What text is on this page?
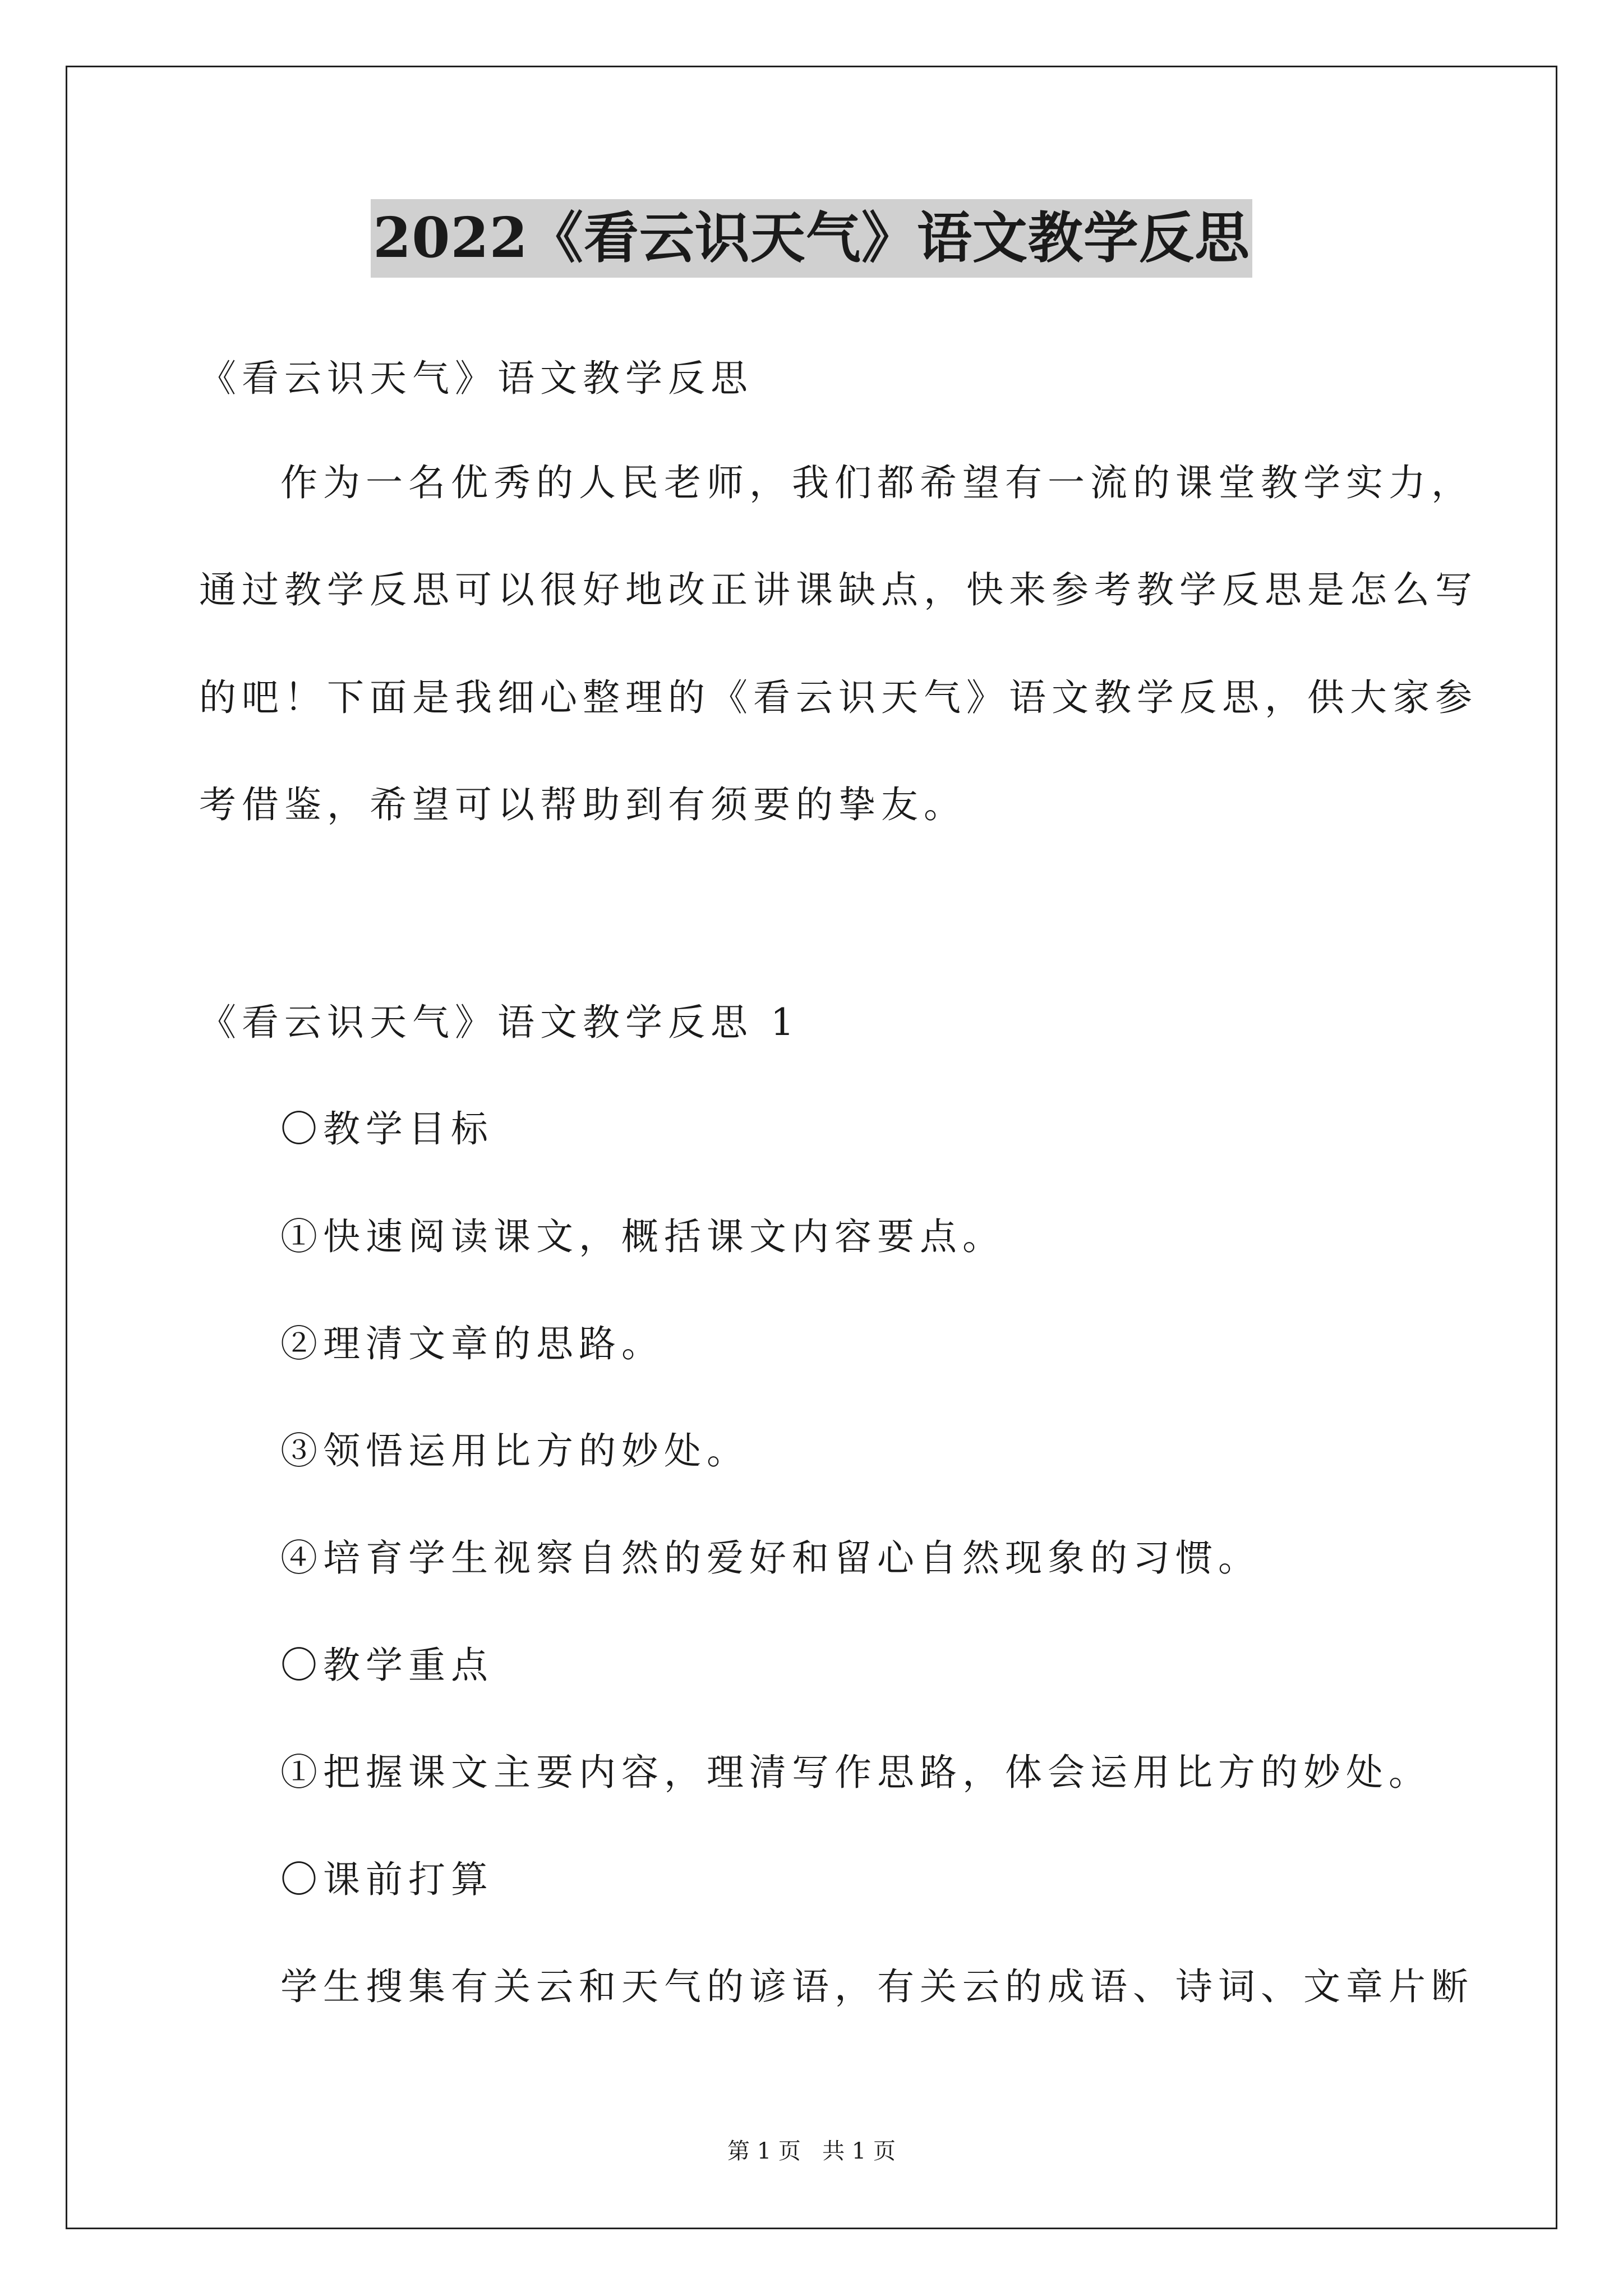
2022《看云识天气》语文教学反思
《看云识天气》语文教学反思
作为一名优秀的人民老师，我们都希望有一流的课堂教学实力，
通过教学反思可以很好地改正讲课缺点，快来参考教学反思是怎么写
的吧！下面是我细心整理的《看云识天气》语文教学反思，供大家参
考借鉴，希望可以帮助到有须要的挚友。
《看云识天气》语文教学反思 1
〇教学目标
①快速阅读课文，概括课文内容要点。
②理清文章的思路。
③领悟运用比方的妙处。
④培育学生视察自然的爱好和留心自然现象的习惯。
〇教学重点
①把握课文主要内容，理清写作思路，体会运用比方的妙处。
〇课前打算
学生搜集有关云和天气的谚语，有关云的成语、诗词、文章片断
第 1 页   共 1 页
